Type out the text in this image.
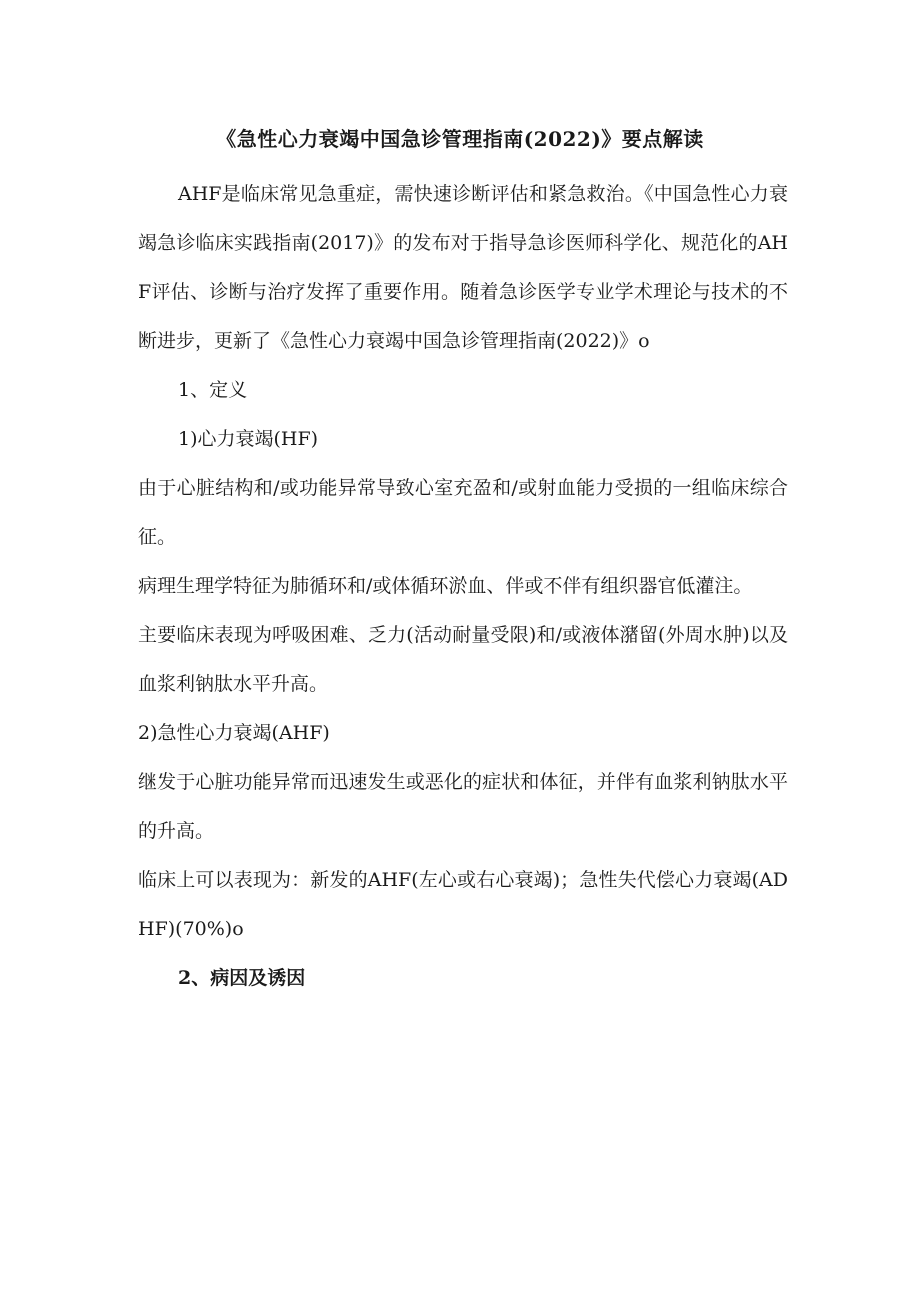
《急性心力衰竭中国急诊管理指南(2022)》要点解读

AHF是临床常见急重症，需快速诊断评估和紧急救治。《中国急性心力衰竭急诊临床实践指南(2017)》的发布对于指导急诊医师科学化、规范化的AHF评估、诊断与治疗发挥了重要作用。随着急诊医学专业学术理论与技术的不断进步，更新了《急性心力衰竭中国急诊管理指南(2022)》o

1、定义

1)心力衰竭(HF)

由于心脏结构和/或功能异常导致心室充盈和/或射血能力受损的一组临床综合征。

病理生理学特征为肺循环和/或体循环淤血、伴或不伴有组织器官低灌注。

主要临床表现为呼吸困难、乏力(活动耐量受限)和/或液体潴留(外周水肿)以及血浆利钠肽水平升高。

2)急性心力衰竭(AHF)

继发于心脏功能异常而迅速发生或恶化的症状和体征，并伴有血浆利钠肽水平的升高。

临床上可以表现为：新发的AHF(左心或右心衰竭)；急性失代偿心力衰竭(ADHF)(70%)o

2、病因及诱因
